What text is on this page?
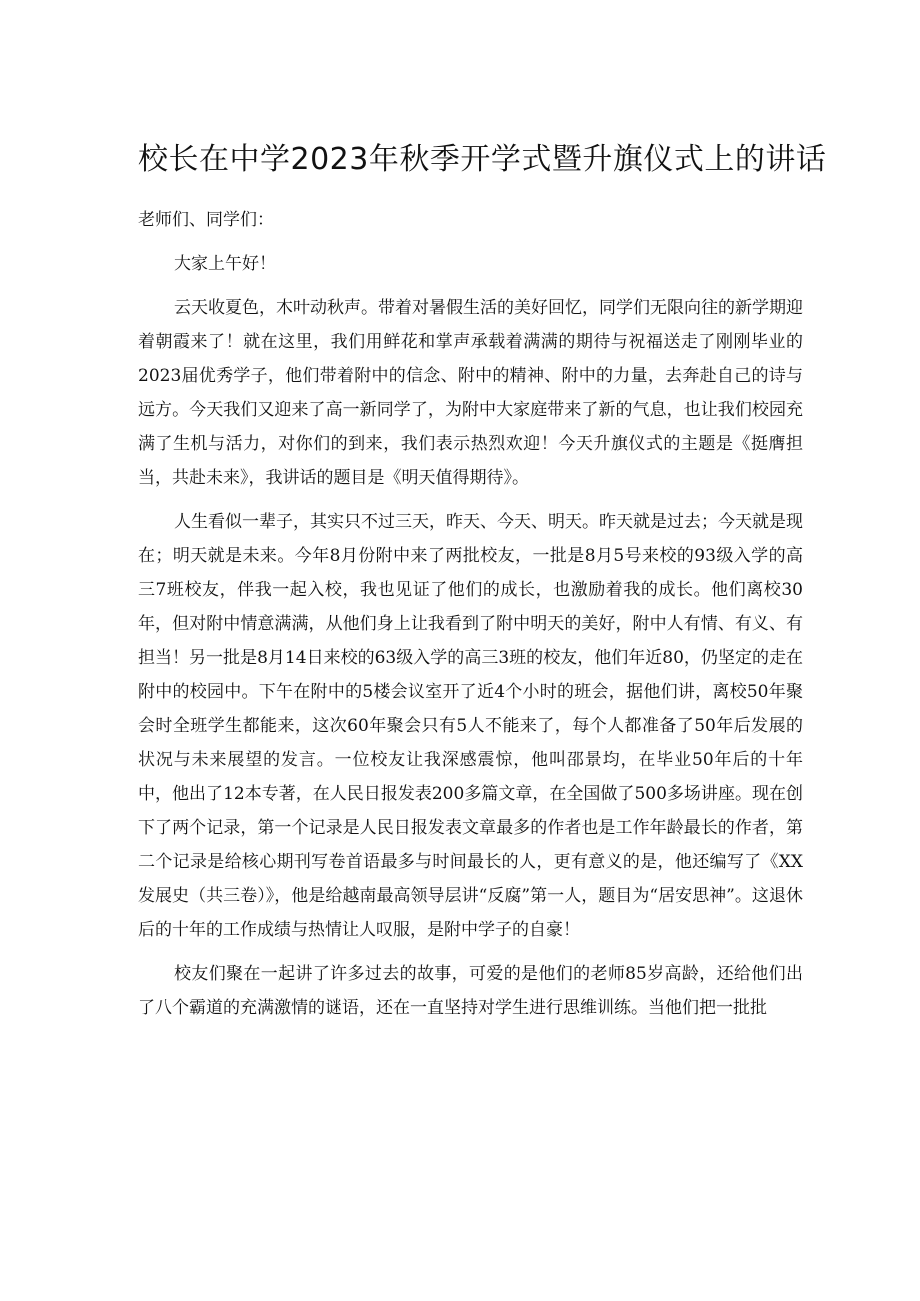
校长在中学2023年秋季开学式暨升旗仪式上的讲话

老师们、同学们：

大家上午好！

云天收夏色，木叶动秋声。带着对暑假生活的美好回忆，同学们无限向往的新学期迎着朝霞来了！就在这里，我们用鲜花和掌声承载着满满的期待与祝福送走了刚刚毕业的2023届优秀学子，他们带着附中的信念、附中的精神、附中的力量，去奔赴自己的诗与远方。今天我们又迎来了高一新同学了，为附中大家庭带来了新的气息，也让我们校园充满了生机与活力，对你们的到来，我们表示热烈欢迎！今天升旗仪式的主题是《挺膺担当，共赴未来》，我讲话的题目是《明天值得期待》。

人生看似一辈子，其实只不过三天，昨天、今天、明天。昨天就是过去；今天就是现在；明天就是未来。今年8月份附中来了两批校友，一批是8月5号来校的93级入学的高三7班校友，伴我一起入校，我也见证了他们的成长，也激励着我的成长。他们离校30年，但对附中情意满满，从他们身上让我看到了附中明天的美好，附中人有情、有义、有担当！另一批是8月14日来校的63级入学的高三3班的校友，他们年近80，仍坚定的走在附中的校园中。下午在附中的5楼会议室开了近4个小时的班会，据他们讲，离校50年聚会时全班学生都能来，这次60年聚会只有5人不能来了，每个人都准备了50年后发展的状况与未来展望的发言。一位校友让我深感震惊，他叫邵景均，在毕业50年后的十年中，他出了12本专著，在人民日报发表200多篇文章，在全国做了500多场讲座。现在创下了两个记录，第一个记录是人民日报发表文章最多的作者也是工作年龄最长的作者，第二个记录是给核心期刊写卷首语最多与时间最长的人，更有意义的是，他还编写了《XX发展史（共三卷）》，他是给越南最高领导层讲“反腐”第一人，题目为“居安思神”。这退休后的十年的工作成绩与热情让人叹服，是附中学子的自豪！

校友们聚在一起讲了许多过去的故事，可爱的是他们的老师85岁高龄，还给他们出了八个霸道的充满激情的谜语，还在一直坚持对学生进行思维训练。当他们把一批批
